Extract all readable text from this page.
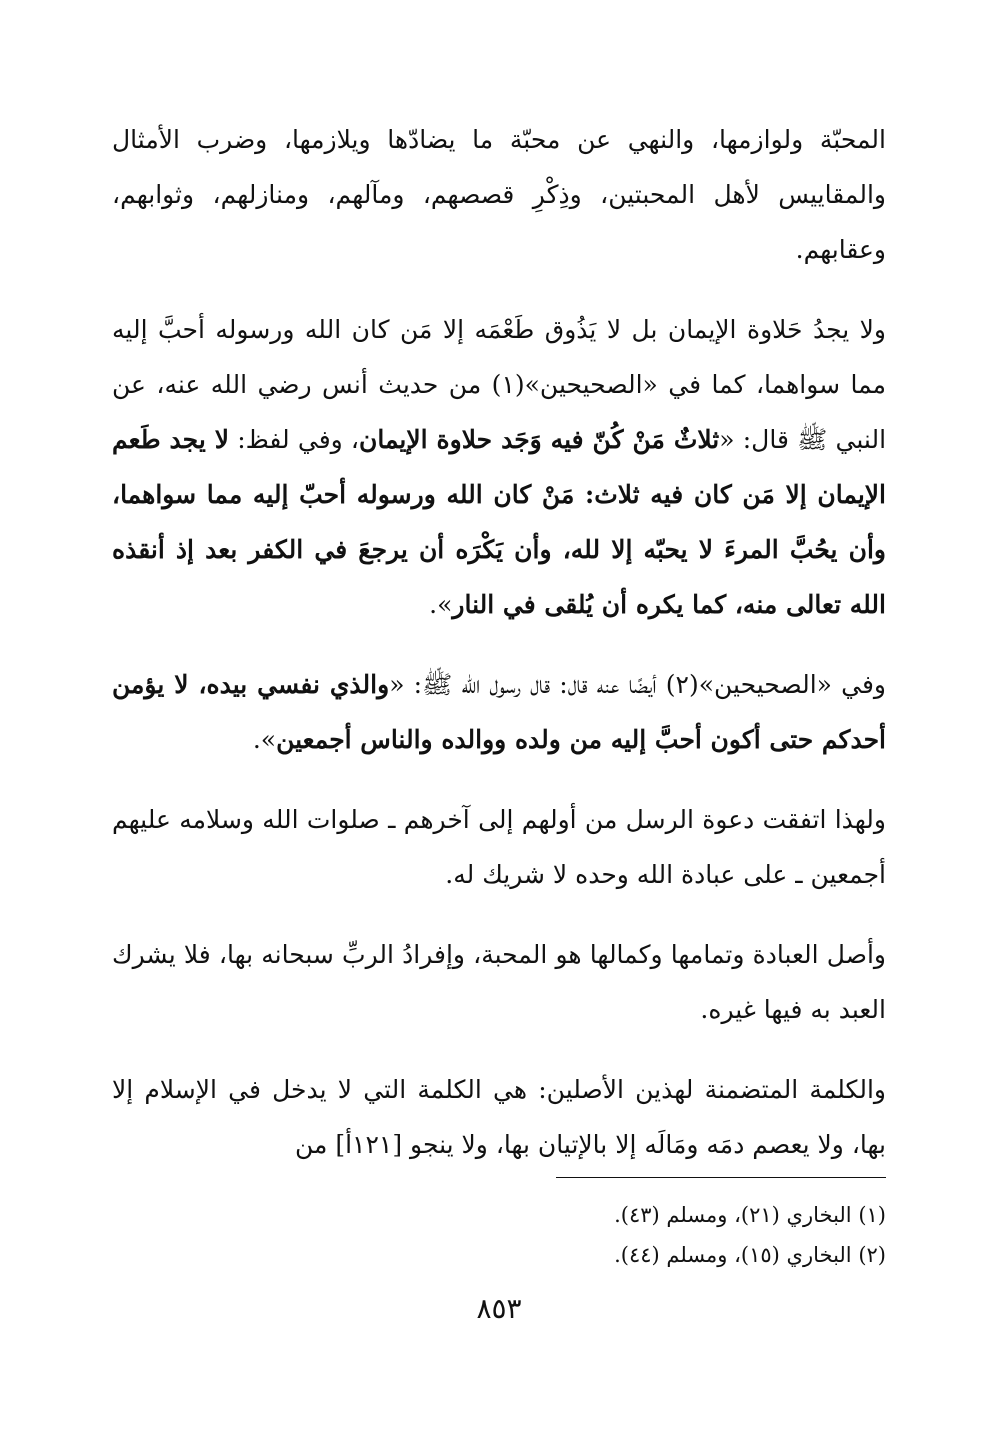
المحبّة ولوازمها، والنهي عن محبّة ما يضادّها ويلازمها، وضرب الأمثال والمقاييس لأهل المحبتين، وذِكْرِ قصصهم، ومآلهم، ومنازلهم، وثوابهم، وعقابهم.

ولا يجدُ حَلاوة الإيمان بل لا يَذُوق طَعْمَه إلا مَن كان الله ورسوله أحبَّ إليه مما سواهما، كما في «الصحيحين»(١) من حديث أنس رضي الله عنه، عن النبي ﷺ قال: «ثلاثٌ مَنْ كُنّ فيه وَجَد حلاوة الإيمان، وفي لفظ: لا يجد طَعم الإيمان إلا مَن كان فيه ثلاث: مَنْ كان الله ورسوله أحبّ إليه مما سواهما، وأن يحُبَّ المرءَ لا يحبّه إلا لله، وأن يَكْرَه أن يرجعَ في الكفر بعد إذ أنقذه الله تعالى منه، كما يكره أن يُلقى في النار».

وفي «الصحيحين»(٢) أيضًا عنه قال: قال رسول الله ﷺ: «والذي نفسي بيده، لا يؤمن أحدكم حتى أكون أحبَّ إليه من ولده ووالده والناس أجمعين».

ولهذا اتفقت دعوة الرسل من أولهم إلى آخرهم ـ صلوات الله وسلامه عليهم أجمعين ـ على عبادة الله وحده لا شريك له.

وأصل العبادة وتمامها وكمالها هو المحبة، وإفرادُ الربِّ سبحانه بها، فلا يشرك العبد به فيها غيره.

والكلمة المتضمنة لهذين الأصلين: هي الكلمة التي لا يدخل في الإسلام إلا بها، ولا يعصم دمَه ومَالَه إلا بالإتيان بها، ولا ينجو [١٢١أ] من

(١) البخاري (٢١)، ومسلم (٤٣).

(٢) البخاري (١٥)، ومسلم (٤٤).

٨٥٣
